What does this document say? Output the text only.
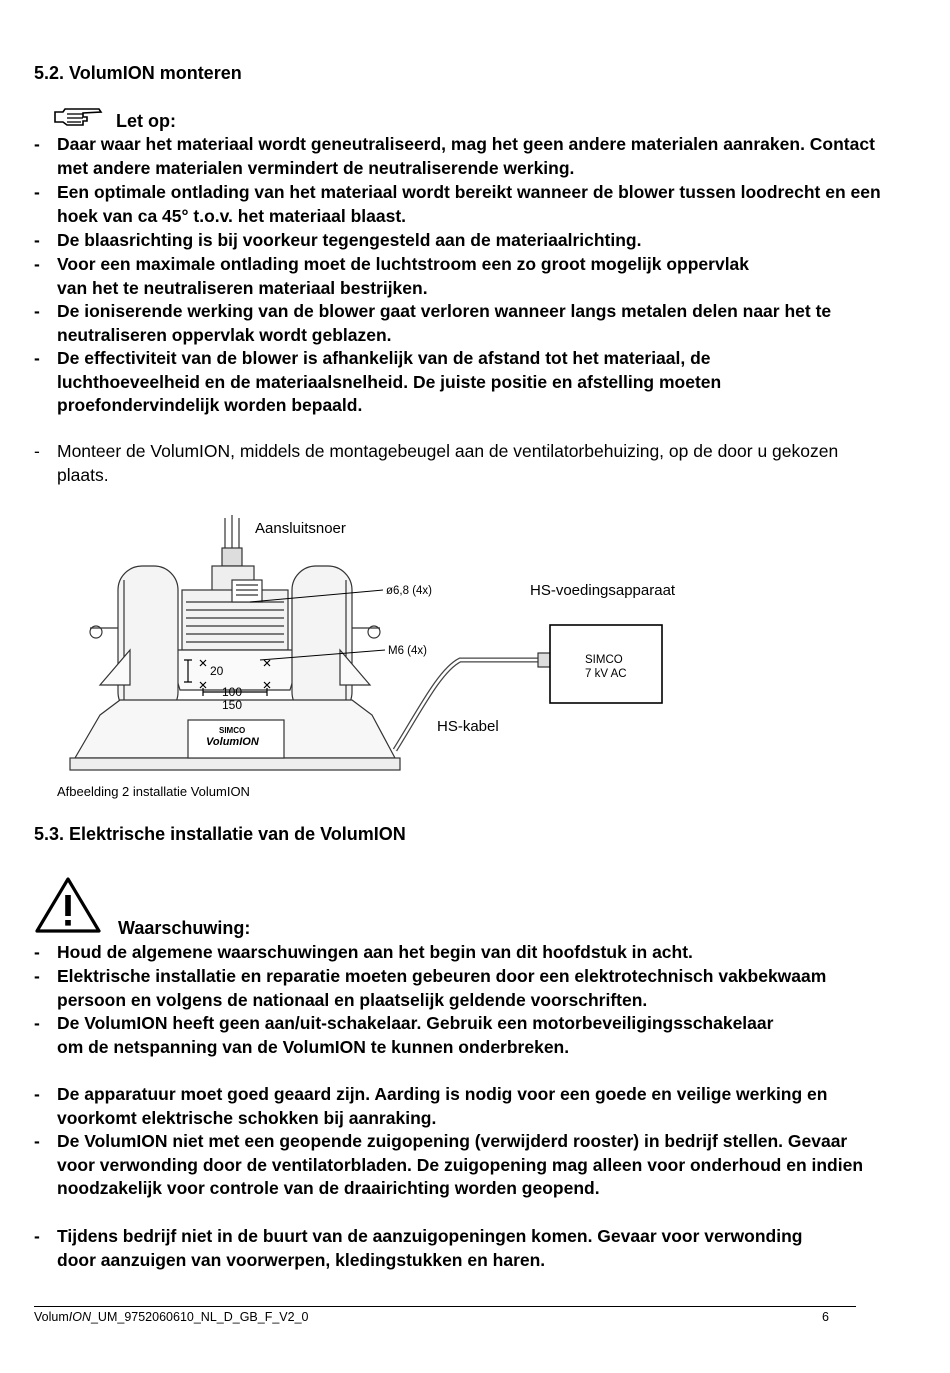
5.2. VolumION monteren
Let op:
- Daar waar het materiaal wordt geneutraliseerd, mag het geen andere materialen aanraken. Contact met andere materialen vermindert de neutraliserende werking.
- Een optimale ontlading van het materiaal wordt bereikt wanneer de blower tussen loodrecht en een hoek van ca 45° t.o.v. het materiaal blaast.
- De blaasrichting is bij voorkeur tegengesteld aan de materiaalrichting.
- Voor een maximale ontlading moet de luchtstroom een zo groot mogelijk oppervlak van het te neutraliseren materiaal bestrijken.
- De ioniserende werking van de blower gaat verloren wanneer langs metalen delen naar het te neutraliseren oppervlak wordt geblazen.
- De effectiviteit van de blower is afhankelijk van de afstand tot het materiaal, de luchthoeveelheid en de materiaalsnelheid. De juiste positie en afstelling moeten proefondervindelijk worden bepaald.
- Monteer de VolumION, middels de montagebeugel aan de ventilatorbehuizing, op de door u gekozen plaats.
Aansluitsnoer
HS-voedingsapparaat
HS-kabel
ø6,8 (4x)
M6 (4x)
20
100
150
SIMCO
7 kV AC
SIMCO
VolumION
Afbeelding 2 installatie VolumION
5.3. Elektrische installatie van de VolumION
Waarschuwing:
- Houd de algemene waarschuwingen aan het begin van dit hoofdstuk in acht.
- Elektrische installatie en reparatie moeten gebeuren door een elektrotechnisch vakbekwaam persoon en volgens de nationaal en plaatselijk geldende voorschriften.
- De VolumION heeft geen aan/uit-schakelaar. Gebruik een motorbeveiligingsschakelaar om de netspanning van de VolumION te kunnen onderbreken.
- De apparatuur moet goed geaard zijn. Aarding is nodig voor een goede en veilige werking en voorkomt elektrische schokken bij aanraking.
- De VolumION niet met een geopende zuigopening (verwijderd rooster) in bedrijf stellen. Gevaar voor verwonding door de ventilatorbladen. De zuigopening mag alleen voor onderhoud en indien noodzakelijk voor controle van de draairichting worden geopend.
- Tijdens bedrijf niet in de buurt van de aanzuigopeningen komen. Gevaar voor verwonding door aanzuigen van voorwerpen, kledingstukken en haren.
VolumION_UM_9752060610_NL_D_GB_F_V2_0	6
